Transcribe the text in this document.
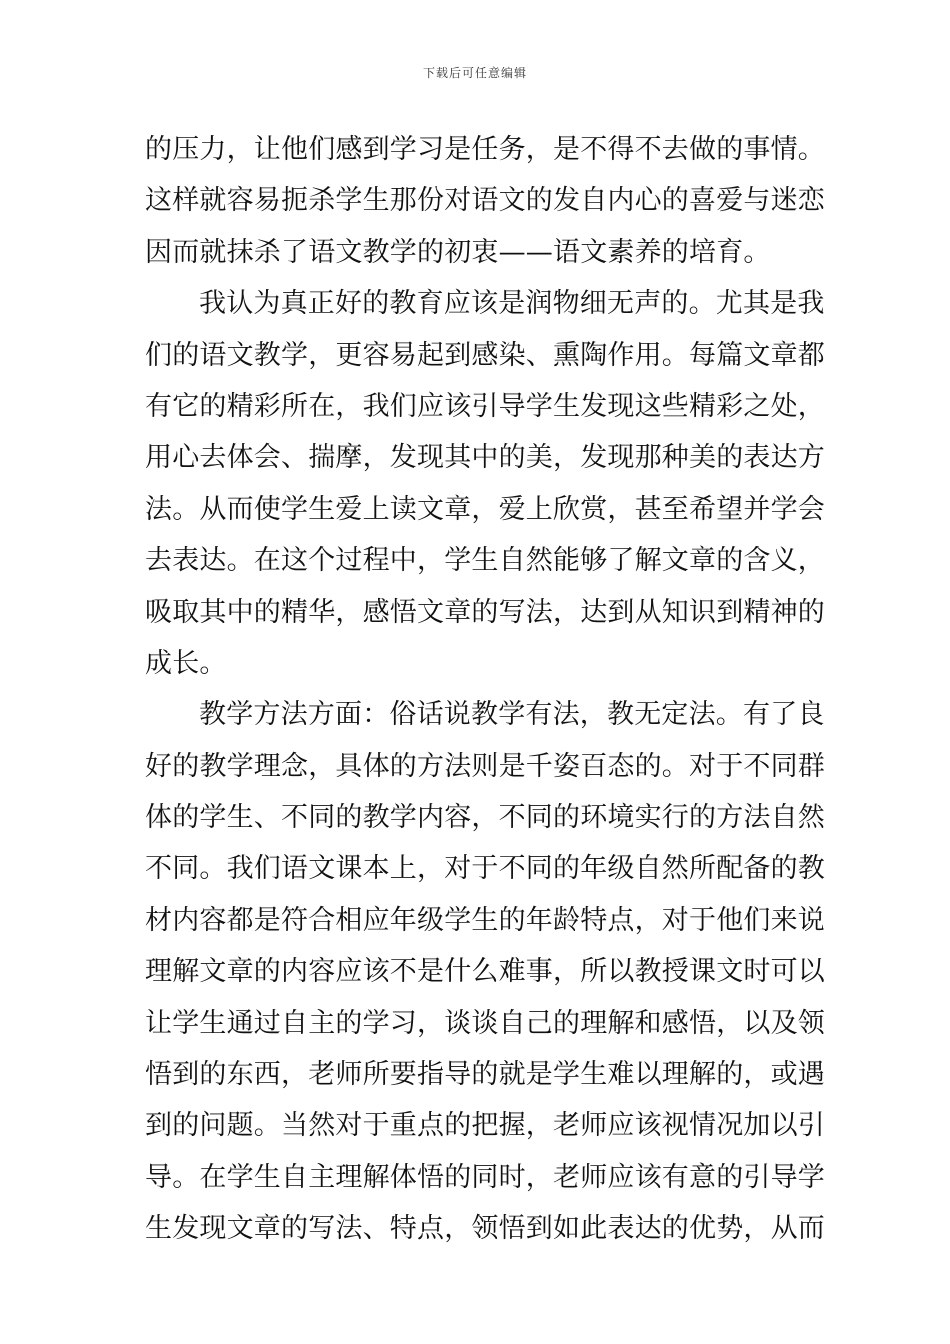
下载后可任意编辑
的压力，让他们感到学习是任务，是不得不去做的事情。
这样就容易扼杀学生那份对语文的发自内心的喜爱与迷恋
因而就抹杀了语文教学的初衷——语文素养的培育。
我认为真正好的教育应该是润物细无声的。尤其是我
们的语文教学，更容易起到感染、熏陶作用。每篇文章都
有它的精彩所在，我们应该引导学生发现这些精彩之处，
用心去体会、揣摩，发现其中的美，发现那种美的表达方
法。从而使学生爱上读文章，爱上欣赏，甚至希望并学会
去表达。在这个过程中，学生自然能够了解文章的含义，
吸取其中的精华，感悟文章的写法，达到从知识到精神的
成长。
教学方法方面：俗话说教学有法，教无定法。有了良
好的教学理念，具体的方法则是千姿百态的。对于不同群
体的学生、不同的教学内容，不同的环境实行的方法自然
不同。我们语文课本上，对于不同的年级自然所配备的教
材内容都是符合相应年级学生的年龄特点，对于他们来说
理解文章的内容应该不是什么难事，所以教授课文时可以
让学生通过自主的学习，谈谈自己的理解和感悟，以及领
悟到的东西，老师所要指导的就是学生难以理解的，或遇
到的问题。当然对于重点的把握，老师应该视情况加以引
导。在学生自主理解体悟的同时，老师应该有意的引导学
生发现文章的写法、特点，领悟到如此表达的优势，从而
